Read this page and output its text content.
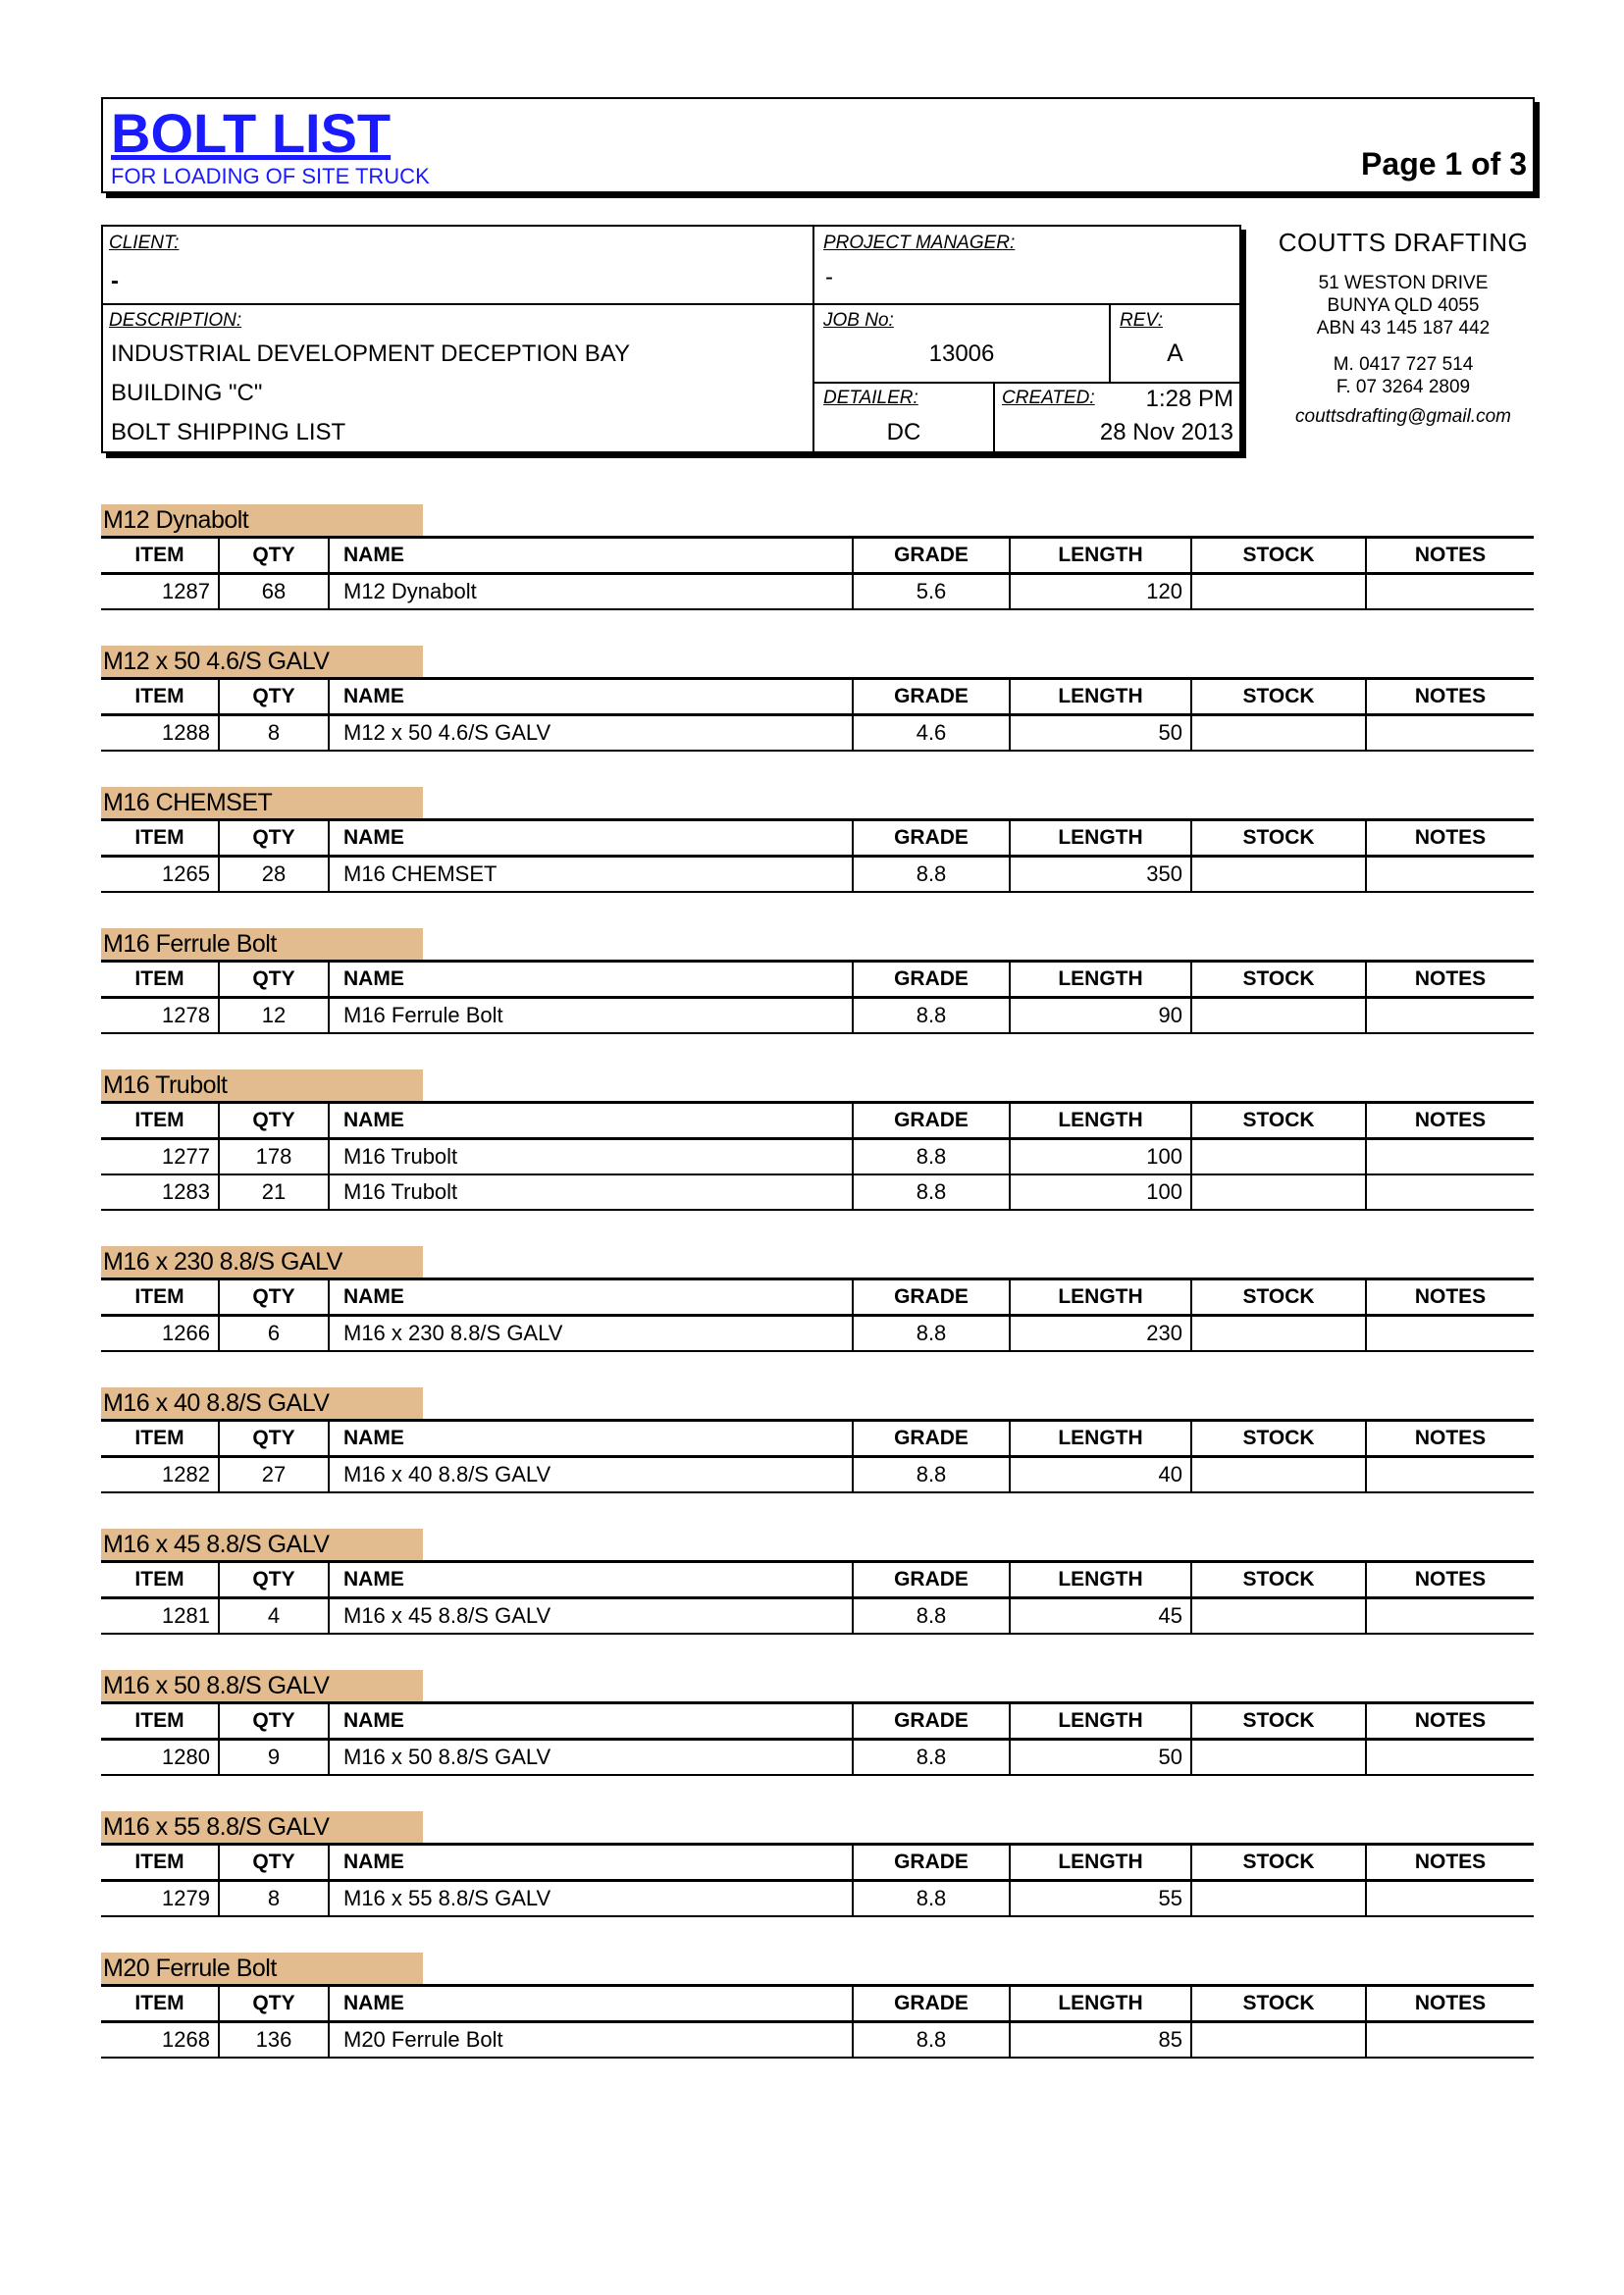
BOLT LIST
FOR LOADING OF SITE TRUCK	Page 1 of 3
CLIENT:
-
PROJECT MANAGER:
-
DESCRIPTION:
INDUSTRIAL DEVELOPMENT DECEPTION BAY
BUILDING "C"
BOLT SHIPPING LIST
JOB No:
13006
REV:
A
DETAILER:
DC
CREATED: 1:28 PM
28 Nov 2013
COUTTS DRAFTING
51 WESTON DRIVE
BUNYA QLD 4055
ABN 43 145 187 442
M. 0417 727 514
F. 07 3264 2809
couttsdrafting@gmail.com
M12 Dynabolt
ITEM	QTY	NAME	GRADE	LENGTH	STOCK	NOTES
1287	68	M12 Dynabolt	5.6	120		
M12 x 50 4.6/S GALV
ITEM	QTY	NAME	GRADE	LENGTH	STOCK	NOTES
1288	8	M12 x 50 4.6/S GALV	4.6	50		
M16 CHEMSET
ITEM	QTY	NAME	GRADE	LENGTH	STOCK	NOTES
1265	28	M16 CHEMSET	8.8	350		
M16 Ferrule Bolt
ITEM	QTY	NAME	GRADE	LENGTH	STOCK	NOTES
1278	12	M16 Ferrule Bolt	8.8	90		
M16 Trubolt
ITEM	QTY	NAME	GRADE	LENGTH	STOCK	NOTES
1277	178	M16 Trubolt	8.8	100		
1283	21	M16 Trubolt	8.8	100		
M16 x 230 8.8/S GALV
ITEM	QTY	NAME	GRADE	LENGTH	STOCK	NOTES
1266	6	M16 x 230 8.8/S GALV	8.8	230		
M16 x 40 8.8/S GALV
ITEM	QTY	NAME	GRADE	LENGTH	STOCK	NOTES
1282	27	M16 x 40 8.8/S GALV	8.8	40		
M16 x 45 8.8/S GALV
ITEM	QTY	NAME	GRADE	LENGTH	STOCK	NOTES
1281	4	M16 x 45 8.8/S GALV	8.8	45		
M16 x 50 8.8/S GALV
ITEM	QTY	NAME	GRADE	LENGTH	STOCK	NOTES
1280	9	M16 x 50 8.8/S GALV	8.8	50		
M16 x 55 8.8/S GALV
ITEM	QTY	NAME	GRADE	LENGTH	STOCK	NOTES
1279	8	M16 x 55 8.8/S GALV	8.8	55		
M20 Ferrule Bolt
ITEM	QTY	NAME	GRADE	LENGTH	STOCK	NOTES
1268	136	M20 Ferrule Bolt	8.8	85		
